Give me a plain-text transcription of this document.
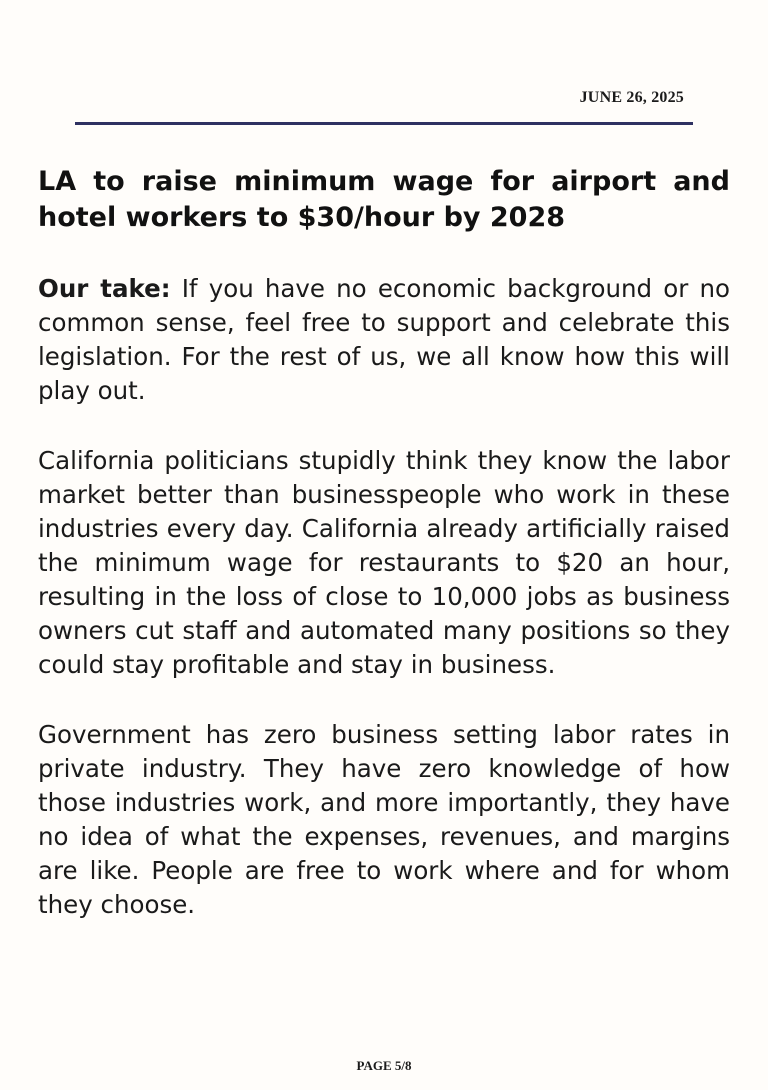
JUNE 26, 2025
LA to raise minimum wage for airport and hotel workers to $30/hour by 2028

Our take: If you have no economic background or no common sense, feel free to support and celebrate this legislation. For the rest of us, we all know how this will play out.

California politicians stupidly think they know the labor market better than businesspeople who work in these industries every day. California already artificially raised the minimum wage for restaurants to $20 an hour, resulting in the loss of close to 10,000 jobs as business owners cut staff and automated many positions so they could stay profitable and stay in business.

Government has zero business setting labor rates in private industry. They have zero knowledge of how those industries work, and more importantly, they have no idea of what the expenses, revenues, and margins are like. People are free to work where and for whom they choose.

PAGE 5/8
